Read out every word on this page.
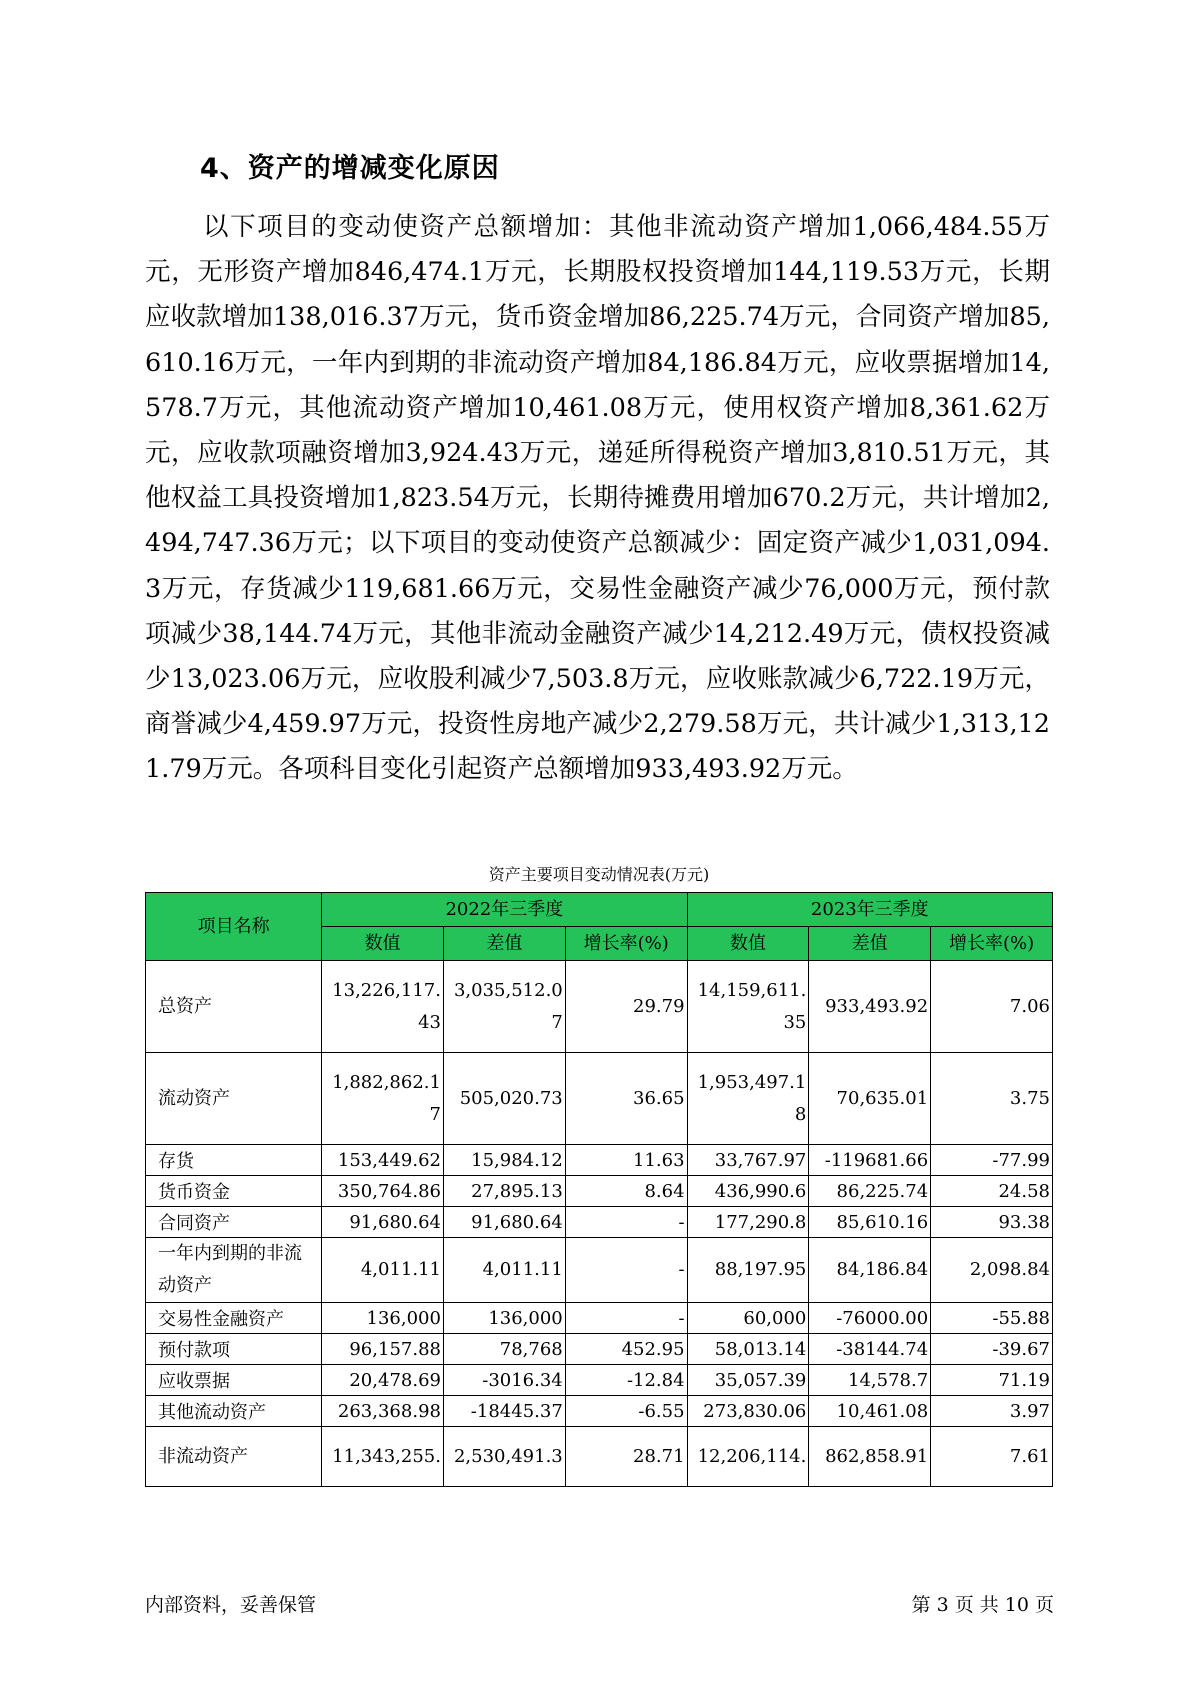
4、资产的增减变化原因
以下项目的变动使资产总额增加：其他非流动资产增加1,066,484.55万元，无形资产增加846,474.1万元，长期股权投资增加144,119.53万元，长期应收款增加138,016.37万元，货币资金增加86,225.74万元，合同资产增加85,610.16万元，一年内到期的非流动资产增加84,186.84万元，应收票据增加14,578.7万元，其他流动资产增加10,461.08万元，使用权资产增加8,361.62万元，应收款项融资增加3,924.43万元，递延所得税资产增加3,810.51万元，其他权益工具投资增加1,823.54万元，长期待摊费用增加670.2万元，共计增加2,494,747.36万元；以下项目的变动使资产总额减少：固定资产减少1,031,094.3万元，存货减少119,681.66万元，交易性金融资产减少76,000万元，预付款项减少38,144.74万元，其他非流动金融资产减少14,212.49万元，债权投资减少13,023.06万元，应收股利减少7,503.8万元，应收账款减少6,722.19万元，商誉减少4,459.97万元，投资性房地产减少2,279.58万元，共计减少1,313,121.79万元。各项科目变化引起资产总额增加933,493.92万元。
资产主要项目变动情况表(万元)
项目名称	2022年三季度			2023年三季度		
	数值	差值	增长率(%)	数值	差值	增长率(%)
总资产	13,226,117.43	3,035,512.07	29.79	14,159,611.35	933,493.92	7.06
流动资产	1,882,862.17	505,020.73	36.65	1,953,497.18	70,635.01	3.75
存货	153,449.62	15,984.12	11.63	33,767.97	-119681.66	-77.99
货币资金	350,764.86	27,895.13	8.64	436,990.6	86,225.74	24.58
合同资产	91,680.64	91,680.64	-	177,290.8	85,610.16	93.38
一年内到期的非流动资产	4,011.11	4,011.11	-	88,197.95	84,186.84	2,098.84
交易性金融资产	136,000	136,000	-	60,000	-76000.00	-55.88
预付款项	96,157.88	78,768	452.95	58,013.14	-38144.74	-39.67
应收票据	20,478.69	-3016.34	-12.84	35,057.39	14,578.7	71.19
其他流动资产	263,368.98	-18445.37	-6.55	273,830.06	10,461.08	3.97
非流动资产	11,343,255.	2,530,491.3	28.71	12,206,114.	862,858.91	7.61
内部资料，妥善保管	第 3 页 共 10 页
